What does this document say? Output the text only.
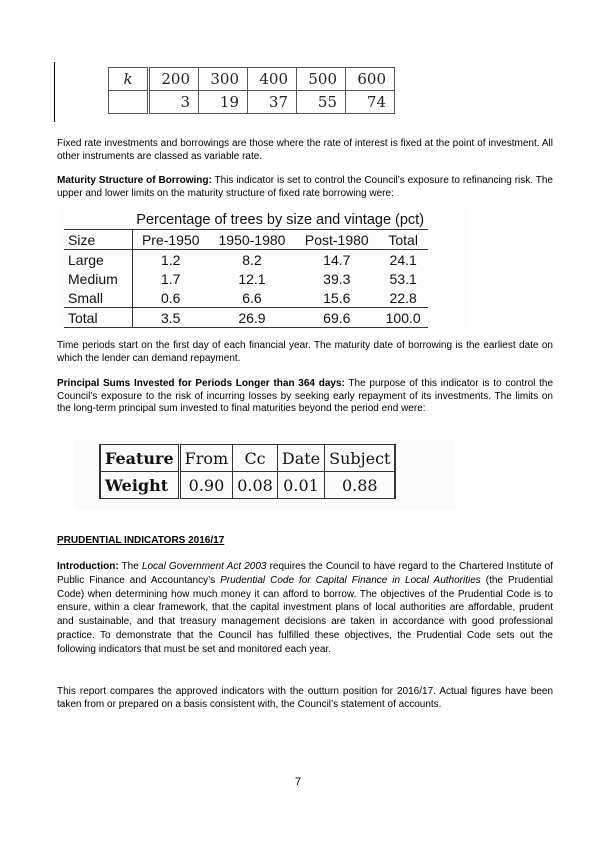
k	200	300	400	500	600
	3	19	37	55	74

Fixed rate investments and borrowings are those where the rate of interest is fixed at the point of investment. All other instruments are classed as variable rate.

Maturity Structure of Borrowing: This indicator is set to control the Council’s exposure to refinancing risk. The upper and lower limits on the maturity structure of fixed rate borrowing were:

	Percentage of trees by size and vintage (pct)			
Size	Pre-1950	1950-1980	Post-1980	Total
Large	1.2	8.2	14.7	24.1
Medium	1.7	12.1	39.3	53.1
Small	0.6	6.6	15.6	22.8
Total	3.5	26.9	69.6	100.0

Time periods start on the first day of each financial year. The maturity date of borrowing is the earliest date on which the lender can demand repayment.

Principal Sums Invested for Periods Longer than 364 days: The purpose of this indicator is to control the Council’s exposure to the risk of incurring losses by seeking early repayment of its investments. The limits on the long-term principal sum invested to final maturities beyond the period end were:

Feature	From	Cc	Date	Subject
Weight	0.90	0.08	0.01	0.88
PRUDENTIAL INDICATORS 2016/17

Introduction: The Local Government Act 2003 requires the Council to have regard to the Chartered Institute of Public Finance and Accountancy’s Prudential Code for Capital Finance in Local Authorities (the Prudential Code) when determining how much money it can afford to borrow. The objectives of the Prudential Code is to ensure, within a clear framework, that the capital investment plans of local authorities are affordable, prudent and sustainable, and that treasury management decisions are taken in accordance with good professional practice. To demonstrate that the Council has fulfilled these objectives, the Prudential Code sets out the following indicators that must be set and monitored each year.

This report compares the approved indicators with the outturn position for 2016/17. Actual figures have been taken from or prepared on a basis consistent with, the Council’s statement of accounts.

7
